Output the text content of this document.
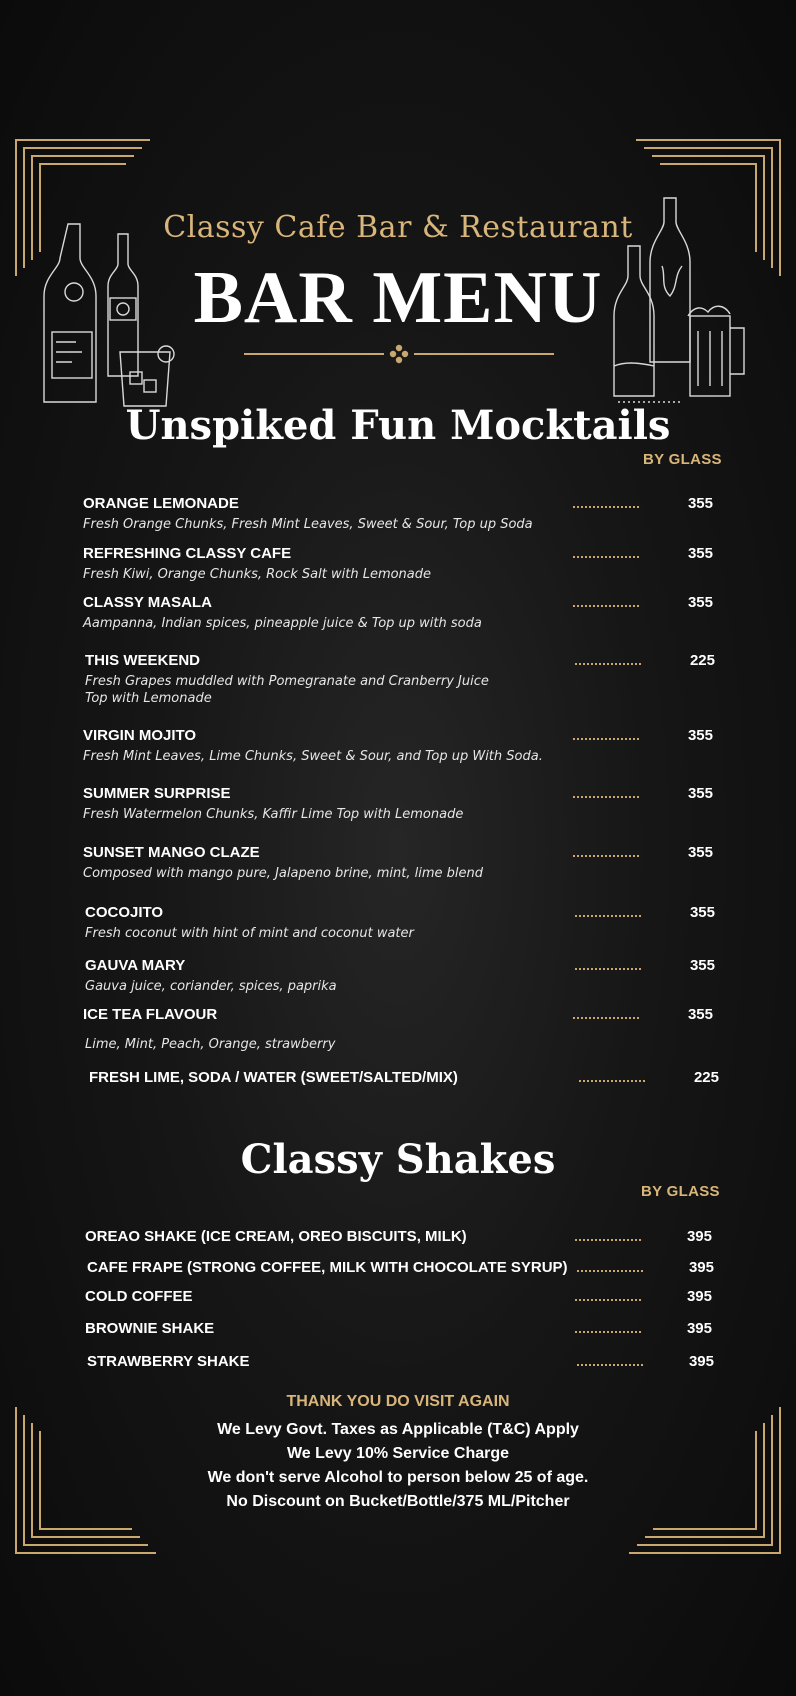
Classy Cafe Bar & Restaurant
BAR MENU
Unspiked Fun Mocktails
BY GLASS
ORANGE LEMONADE
Fresh Orange Chunks, Fresh Mint Leaves, Sweet & Sour, Top up Soda
355
REFRESHING CLASSY CAFE
Fresh Kiwi, Orange Chunks, Rock Salt with Lemonade
355
CLASSY MASALA
Aampanna, Indian spices, pineapple juice & Top up with soda
355
THIS WEEKEND
Fresh Grapes muddled with Pomegranate and Cranberry Juice
Top with Lemonade
225
VIRGIN MOJITO
Fresh Mint Leaves, Lime Chunks, Sweet & Sour, and Top up With Soda.
355
SUMMER SURPRISE
Fresh Watermelon Chunks, Kaffir Lime Top with Lemonade
355
SUNSET MANGO CLAZE
Composed with mango pure, Jalapeno brine, mint, lime blend
355
COCOJITO
Fresh coconut with hint of mint and coconut water
355
GAUVA MARY
Gauva juice, coriander, spices, paprika
355
ICE TEA FLAVOUR
Lime, Mint, Peach, Orange, strawberry
355
FRESH LIME, SODA / WATER (SWEET/SALTED/MIX)	225
Classy Shakes
BY GLASS
OREAO SHAKE (ICE CREAM, OREO BISCUITS, MILK)	395
CAFE FRAPE (STRONG COFFEE, MILK WITH CHOCOLATE SYRUP)	395
COLD COFFEE	395
BROWNIE SHAKE	395
STRAWBERRY SHAKE	395
THANK YOU DO VISIT AGAIN
We Levy Govt. Taxes as Applicable (T&C) Apply
We Levy 10% Service Charge
We don't serve Alcohol to person below 25 of age.
No Discount on Bucket/Bottle/375 ML/Pitcher
